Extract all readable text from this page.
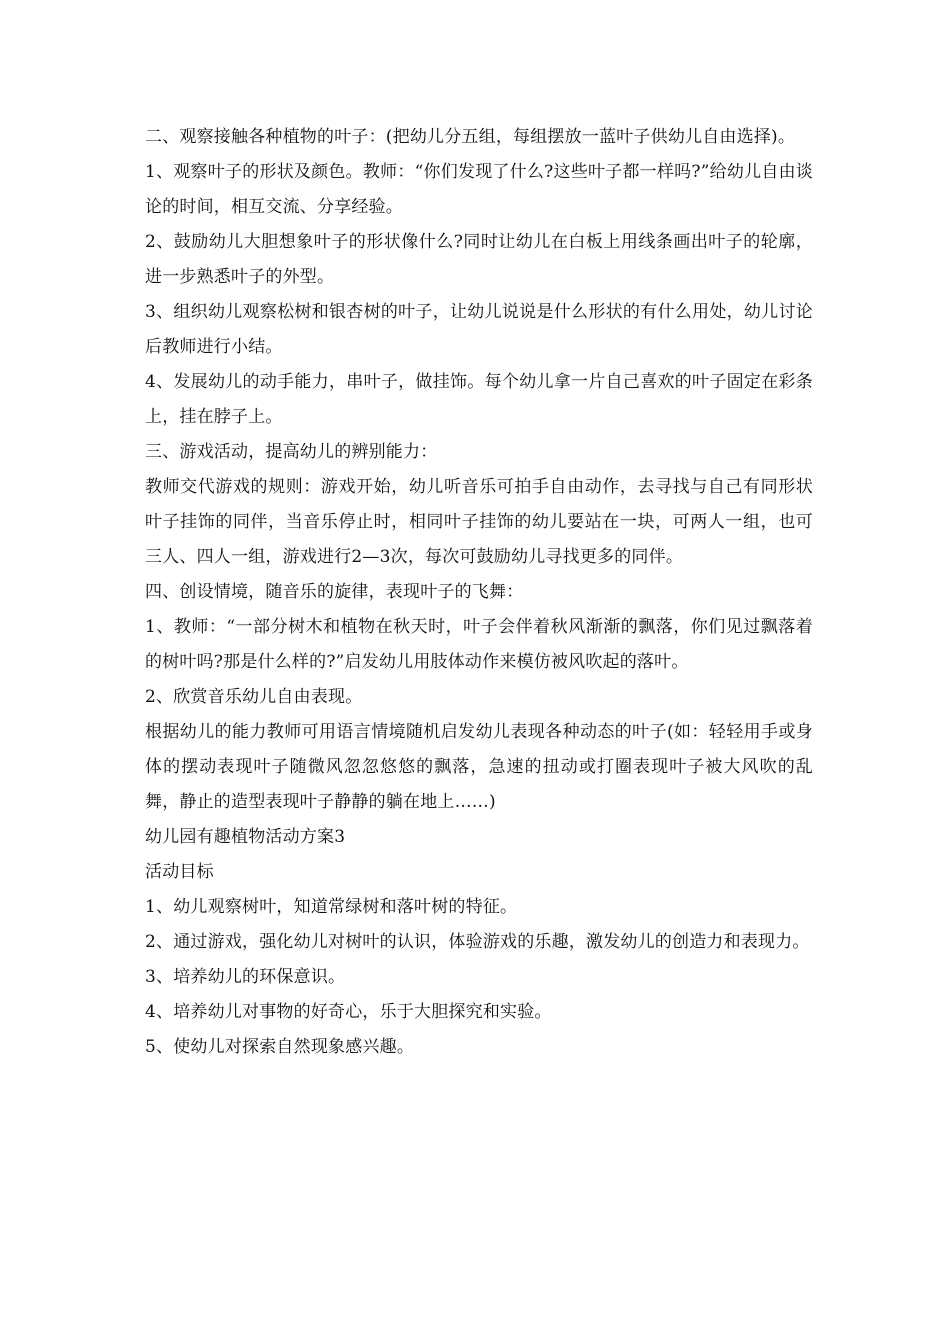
二、观察接触各种植物的叶子：(把幼儿分五组，每组摆放一蓝叶子供幼儿自由选择)。

1、观察叶子的形状及颜色。教师：“你们发现了什么?这些叶子都一样吗?”给幼儿自由谈论的时间，相互交流、分享经验。

2、鼓励幼儿大胆想象叶子的形状像什么?同时让幼儿在白板上用线条画出叶子的轮廓，进一步熟悉叶子的外型。

3、组织幼儿观察松树和银杏树的叶子，让幼儿说说是什么形状的有什么用处，幼儿讨论后教师进行小结。

4、发展幼儿的动手能力，串叶子，做挂饰。每个幼儿拿一片自己喜欢的叶子固定在彩条上，挂在脖子上。

三、游戏活动，提高幼儿的辨别能力：

教师交代游戏的规则：游戏开始，幼儿听音乐可拍手自由动作，去寻找与自己有同形状叶子挂饰的同伴，当音乐停止时，相同叶子挂饰的幼儿要站在一块，可两人一组，也可三人、四人一组，游戏进行2—3次，每次可鼓励幼儿寻找更多的同伴。

四、创设情境，随音乐的旋律，表现叶子的飞舞：

1、教师：“一部分树木和植物在秋天时，叶子会伴着秋风渐渐的飘落，你们见过飘落着的树叶吗?那是什么样的?”启发幼儿用肢体动作来模仿被风吹起的落叶。

2、欣赏音乐幼儿自由表现。

根据幼儿的能力教师可用语言情境随机启发幼儿表现各种动态的叶子(如：轻轻用手或身体的摆动表现叶子随微风忽忽悠悠的飘落，急速的扭动或打圈表现叶子被大风吹的乱舞，静止的造型表现叶子静静的躺在地上……)

幼儿园有趣植物活动方案3

活动目标

1、幼儿观察树叶，知道常绿树和落叶树的特征。

2、通过游戏，强化幼儿对树叶的认识，体验游戏的乐趣，激发幼儿的创造力和表现力。

3、培养幼儿的环保意识。

4、培养幼儿对事物的好奇心，乐于大胆探究和实验。

5、使幼儿对探索自然现象感兴趣。
